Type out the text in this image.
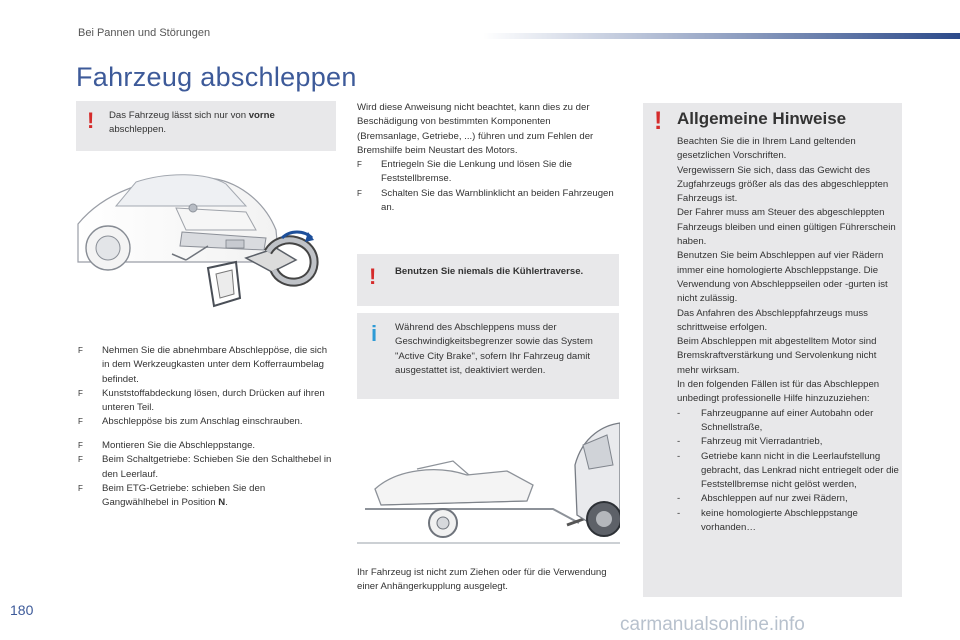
Bei Pannen und Störungen
Fahrzeug abschleppen
! Das Fahrzeug lässt sich nur von vorne abschleppen.
F Nehmen Sie die abnehmbare Abschleppöse, die sich in dem Werkzeugkasten unter dem Kofferraumbelag befindet.
F Kunststoffabdeckung lösen, durch Drücken auf ihren unteren Teil.
F Abschleppöse bis zum Anschlag einschrauben.
F Montieren Sie die Abschleppstange.
F Beim Schaltgetriebe: Schieben Sie den Schalthebel in den Leerlauf.
F Beim ETG-Getriebe: schieben Sie den Gangwählhebel in Position N.
Wird diese Anweisung nicht beachtet, kann dies zu der Beschädigung von bestimmten Komponenten (Bremsanlage, Getriebe, ...) führen und zum Fehlen der Bremshilfe beim Neustart des Motors.
F Entriegeln Sie die Lenkung und lösen Sie die Feststellbremse.
F Schalten Sie das Warnblinklicht an beiden Fahrzeugen an.
! Benutzen Sie niemals die Kühlertraverse.
i Während des Abschleppens muss der Geschwindigkeitsbegrenzer sowie das System "Active City Brake", sofern Ihr Fahrzeug damit ausgestattet ist, deaktiviert werden.
Ihr Fahrzeug ist nicht zum Ziehen oder für die Verwendung einer Anhängerkupplung ausgelegt.
! Allgemeine Hinweise
Beachten Sie die in Ihrem Land geltenden gesetzlichen Vorschriften.
Vergewissern Sie sich, dass das Gewicht des Zugfahrzeugs größer als das des abgeschleppten Fahrzeugs ist.
Der Fahrer muss am Steuer des abgeschleppten Fahrzeugs bleiben und einen gültigen Führerschein haben.
Benutzen Sie beim Abschleppen auf vier Rädern immer eine homologierte Abschleppstange. Die Verwendung von Abschleppseilen oder -gurten ist nicht zulässig.
Das Anfahren des Abschleppfahrzeugs muss schrittweise erfolgen.
Beim Abschleppen mit abgestelltem Motor sind Bremskraftverstärkung und Servolenkung nicht mehr wirksam.
In den folgenden Fällen ist für das Abschleppen unbedingt professionelle Hilfe hinzuzuziehen:
- Fahrzeugpanne auf einer Autobahn oder Schnellstraße,
- Fahrzeug mit Vierradantrieb,
- Getriebe kann nicht in die Leerlaufstellung gebracht, das Lenkrad nicht entriegelt oder die Feststellbremse nicht gelöst werden,
- Abschleppen auf nur zwei Rädern,
- keine homologierte Abschleppstange vorhanden…
180
carmanualsonline.info
